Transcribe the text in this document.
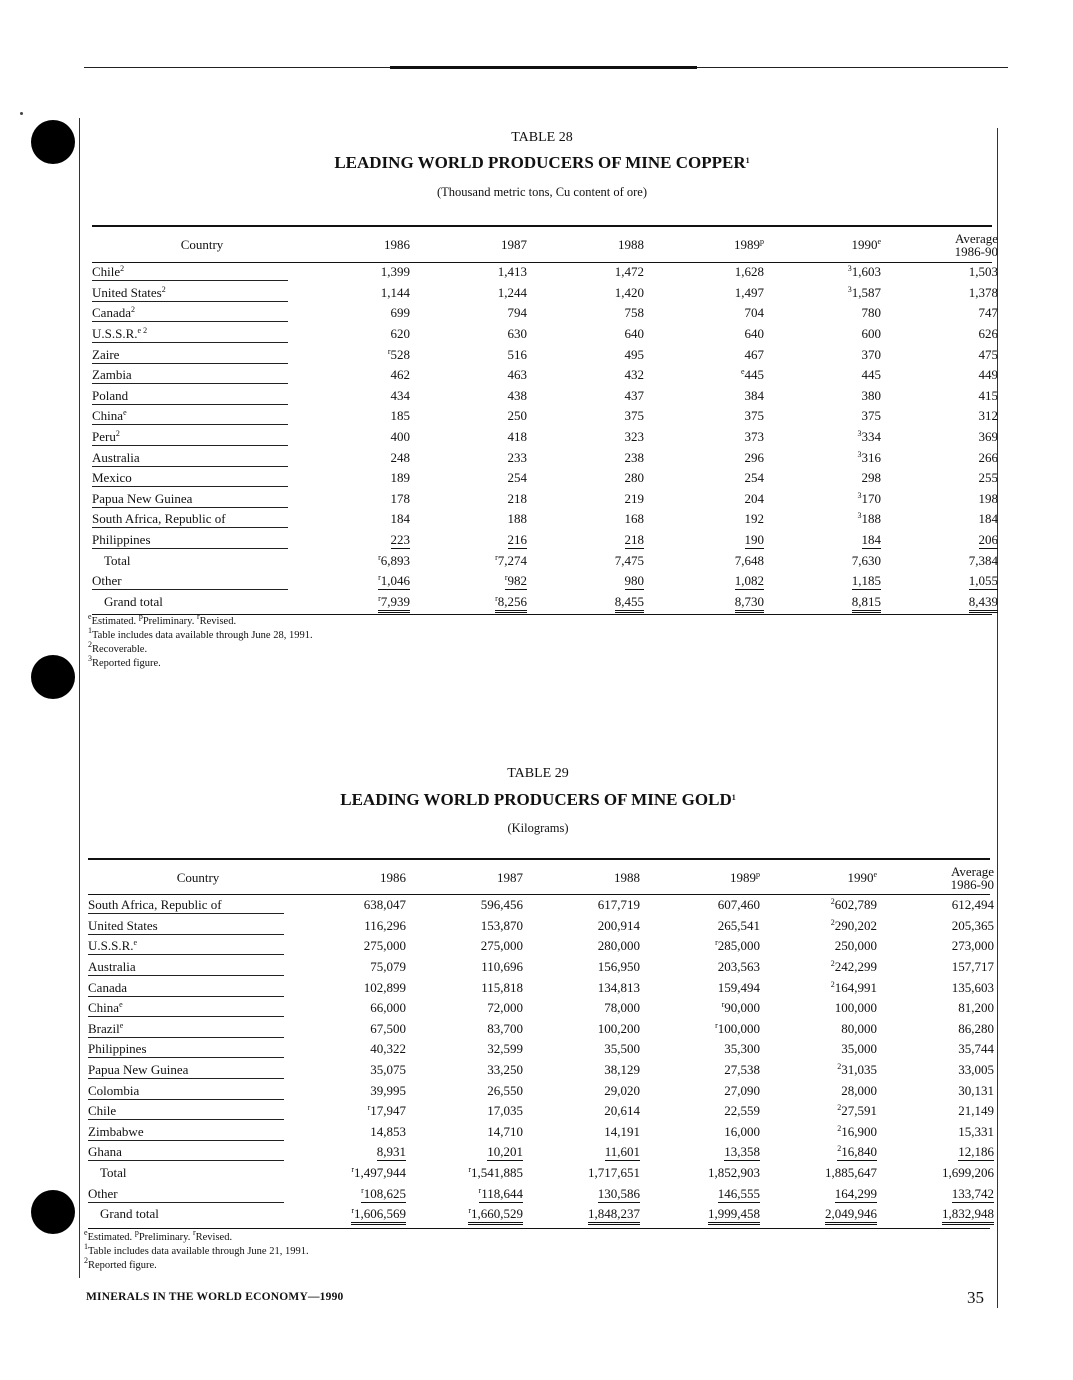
TABLE 28
LEADING WORLD PRODUCERS OF MINE COPPER$^1$
(Thousand metric tons, Cu content of ore)
Country	1986	1987	1988	1989$^p$	1990e	Average
1986-90
Chile$^2$	1,399	1,413	1,472	1,628	$^3$1,603	1,503
United States$^2$	1,144	1,244	1,420	1,497	$^3$1,587	1,378
Canada$^2$	699	794	758	704	780	747
U.S.S.R.$^{e 2}$	620	630	640	640	600	626
Zaire	$^r$528	516	495	467	370	475
Zambia	462	463	432	$^e$445	445	449
Poland	434	438	437	384	380	415
China$^e$	185	250	375	375	375	312
Peru$^2$	400	418	323	373	$^3$334	369
Australia	248	233	238	296	$^3$316	266
Mexico	189	254	280	254	298	255
Papua New Guinea	178	218	219	204	$^3$170	198
South Africa, Republic of	184	188	168	192	$^3$188	184
Philippines	223	216	218	190	184	206
Total	$^r$6,893	$^r$7,274	7,475	7,648	7,630	7,384
Other	$^r$1,046	$^r$982	980	1,082	1,185	1,055
Grand total	$^r$7,939	$^r$8,256	8,455	8,730	8,815	8,439
$^e$Estimated. $^p$Preliminary. $^r$Revised.
$^1$Table includes data available through June 28, 1991.
$^2$Recoverable.
$^3$Reported figure.
TABLE 29
LEADING WORLD PRODUCERS OF MINE GOLD$^1$
(Kilograms)
Country	1986	1987	1988	1989$^p$	1990e	Average
1986-90
South Africa, Republic of	638,047	596,456	617,719	607,460	$^2$602,789	612,494
United States	116,296	153,870	200,914	265,541	$^2$290,202	205,365
U.S.S.R.$^e$	275,000	275,000	280,000	$^r$285,000	250,000	273,000
Australia	75,079	110,696	156,950	203,563	$^2$242,299	157,717
Canada	102,899	115,818	134,813	159,494	$^2$164,991	135,603
China$^e$	66,000	72,000	78,000	$^r$90,000	100,000	81,200
Brazil$^e$	67,500	83,700	100,200	$^r$100,000	80,000	86,280
Philippines	40,322	32,599	35,500	35,300	35,000	35,744
Papua New Guinea	35,075	33,250	38,129	27,538	$^2$31,035	33,005
Colombia	39,995	26,550	29,020	27,090	28,000	30,131
Chile	$^r$17,947	17,035	20,614	22,559	$^2$27,591	21,149
Zimbabwe	14,853	14,710	14,191	16,000	$^2$16,900	15,331
Ghana	8,931	10,201	11,601	13,358	$^2$16,840	12,186
Total	$^r$1,497,944	$^r$1,541,885	1,717,651	1,852,903	1,885,647	1,699,206
Other	$^r$108,625	$^r$118,644	130,586	146,555	164,299	133,742
Grand total	$^r$1,606,569	$^r$1,660,529	1,848,237	1,999,458	2,049,946	1,832,948
$^e$Estimated. $^p$Preliminary. $^r$Revised.
$^1$Table includes data available through June 21, 1991.
$^2$Reported figure.
MINERALS IN THE WORLD ECONOMY—1990	35
